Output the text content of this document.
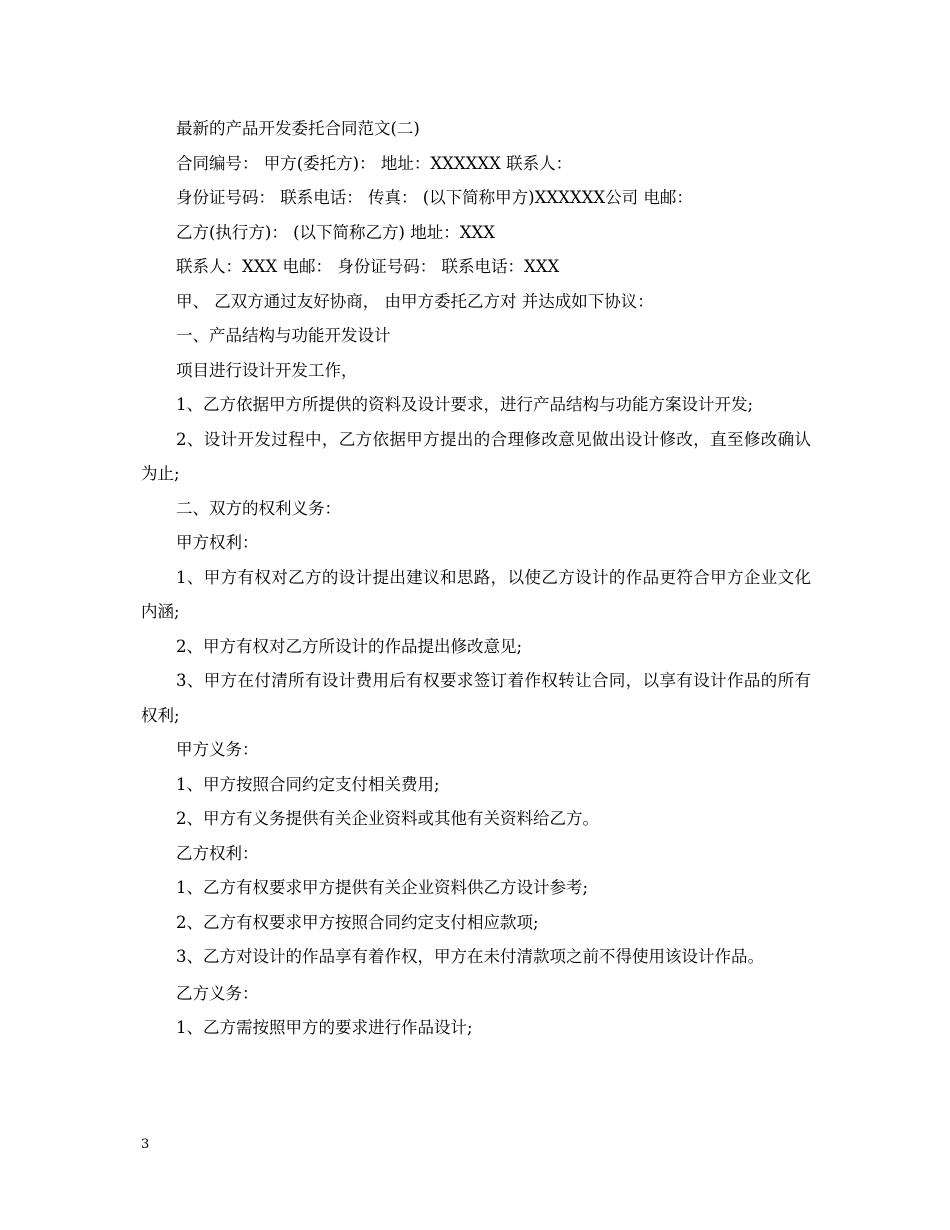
最新的产品开发委托合同范文(二)

合同编号： 甲方(委托方)： 地址：XXXXXX 联系人：

身份证号码： 联系电话： 传真： (以下简称甲方)XXXXXX公司 电邮：

乙方(执行方)： (以下简称乙方) 地址：XXX

联系人：XXX 电邮： 身份证号码： 联系电话：XXX

甲、 乙双方通过友好协商， 由甲方委托乙方对 并达成如下协议：

一、产品结构与功能开发设计

项目进行设计开发工作，

1、乙方依据甲方所提供的资料及设计要求，进行产品结构与功能方案设计开发;

2、设计开发过程中，乙方依据甲方提出的合理修改意见做出设计修改，直至修改确认为止;

二、双方的权利义务：

甲方权利：

1、甲方有权对乙方的设计提出建议和思路，以使乙方设计的作品更符合甲方企业文化内涵;

2、甲方有权对乙方所设计的作品提出修改意见;

3、甲方在付清所有设计费用后有权要求签订着作权转让合同，以享有设计作品的所有权利;

甲方义务：

1、甲方按照合同约定支付相关费用;

2、甲方有义务提供有关企业资料或其他有关资料给乙方。

乙方权利：

1、乙方有权要求甲方提供有关企业资料供乙方设计参考;

2、乙方有权要求甲方按照合同约定支付相应款项;

3、乙方对设计的作品享有着作权，甲方在未付清款项之前不得使用该设计作品。

乙方义务：

1、乙方需按照甲方的要求进行作品设计;

3
